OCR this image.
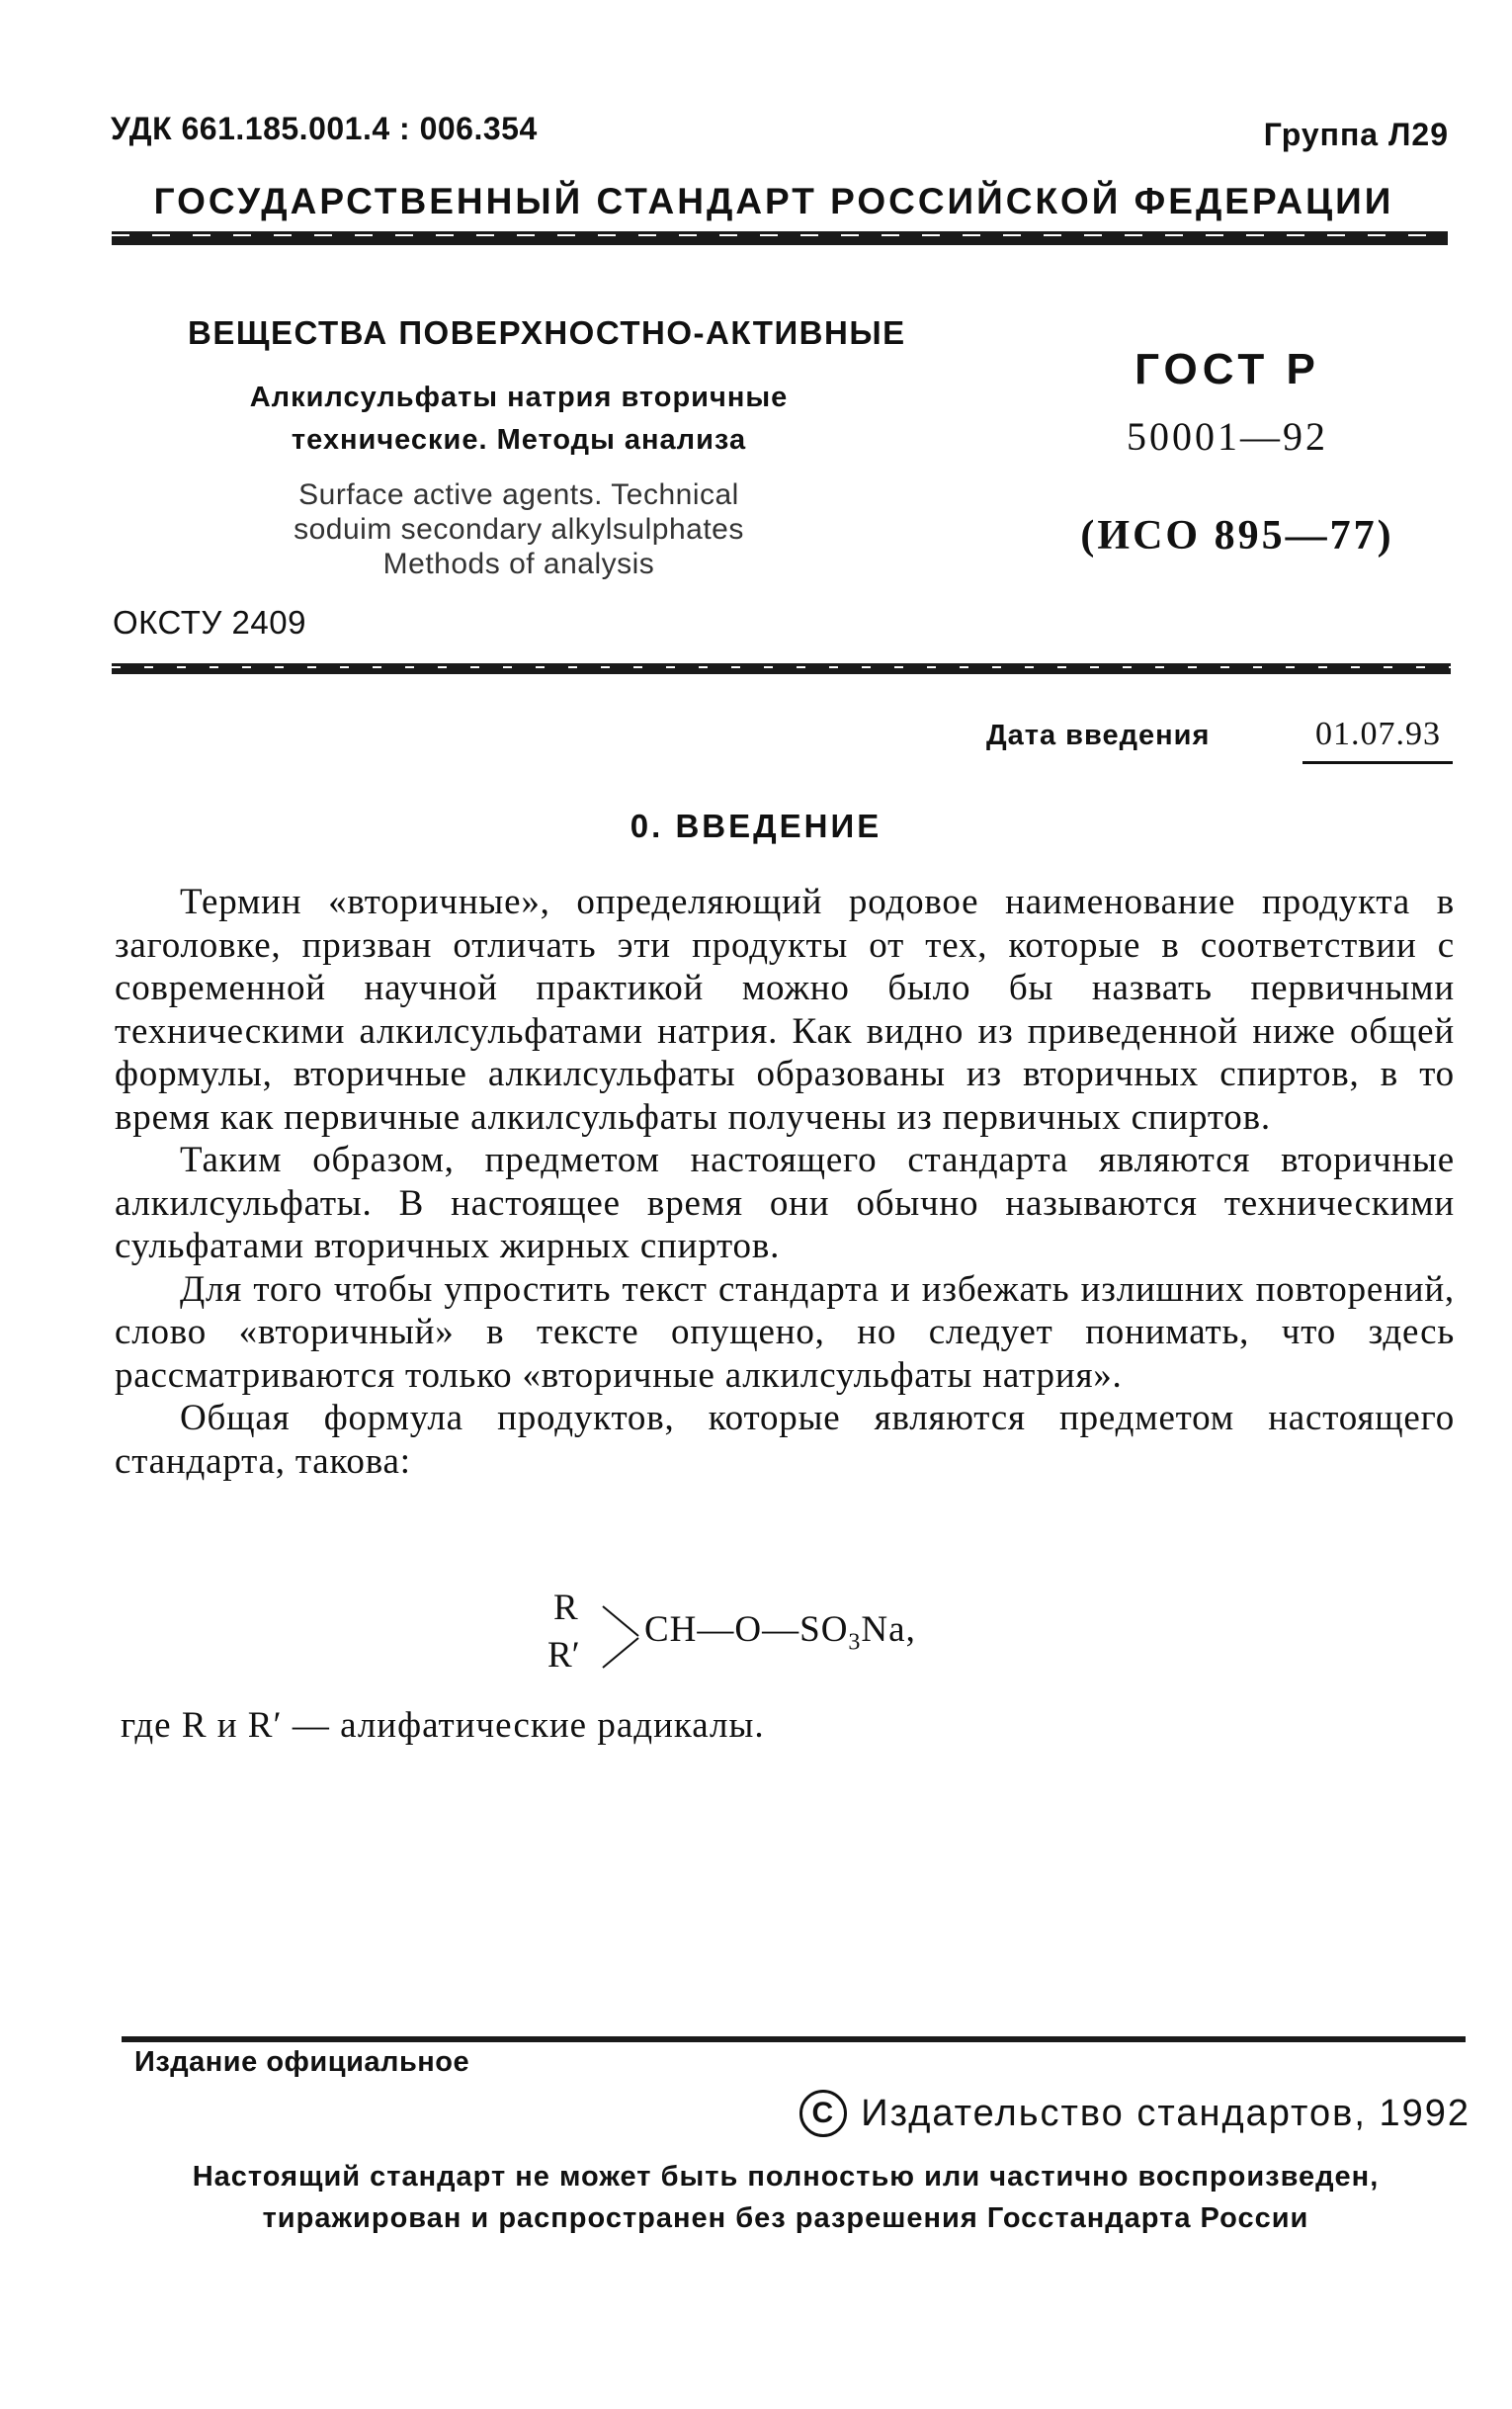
УДК 661.185.001.4 : 006.354	Группа Л29
ГОСУДАРСТВЕННЫЙ СТАНДАРТ РОССИЙСКОЙ ФЕДЕРАЦИИ
ВЕЩЕСТВА ПОВЕРХНОСТНО-АКТИВНЫЕ
Алкилсульфаты натрия вторичные
технические. Методы анализа
Surface active agents. Technical
soduim secondary alkylsulphates
Methods of analysis
ГОСТ Р
50001—92
(ИСО 895—77)
ОКСТУ 2409
Дата введения	01.07.93
0. ВВЕДЕНИЕ

Термин «вторичные», определяющий родовое наименование продукта в заголовке, призван отличать эти продукты от тех, которые в соответствии с современной научной практикой можно было бы назвать первичными техническими алкилсульфатами натрия. Как видно из приведенной ниже общей формулы, вторичные алкилсульфаты образованы из вторичных спиртов, в то время как первичные алкилсульфаты получены из первичных спиртов.

Таким образом, предметом настоящего стандарта являются вторичные алкилсульфаты. В настоящее время они обычно называются техническими сульфатами вторичных жирных спиртов.

Для того чтобы упростить текст стандарта и избежать излишних повторений, слово «вторичный» в тексте опущено, но следует понимать, что здесь рассматриваются только «вторичные алкилсульфаты натрия».

Общая формула продуктов, которые являются предметом настоящего стандарта, такова:

R
R′
$CH—O—SO_3Na$,
где R и R′ — алифатические радикалы.
Издание официальное
C Издательство стандартов, 1992
Настоящий стандарт не может быть полностью или частично воспроизведен,
тиражирован и распространен без разрешения Госстандарта России
